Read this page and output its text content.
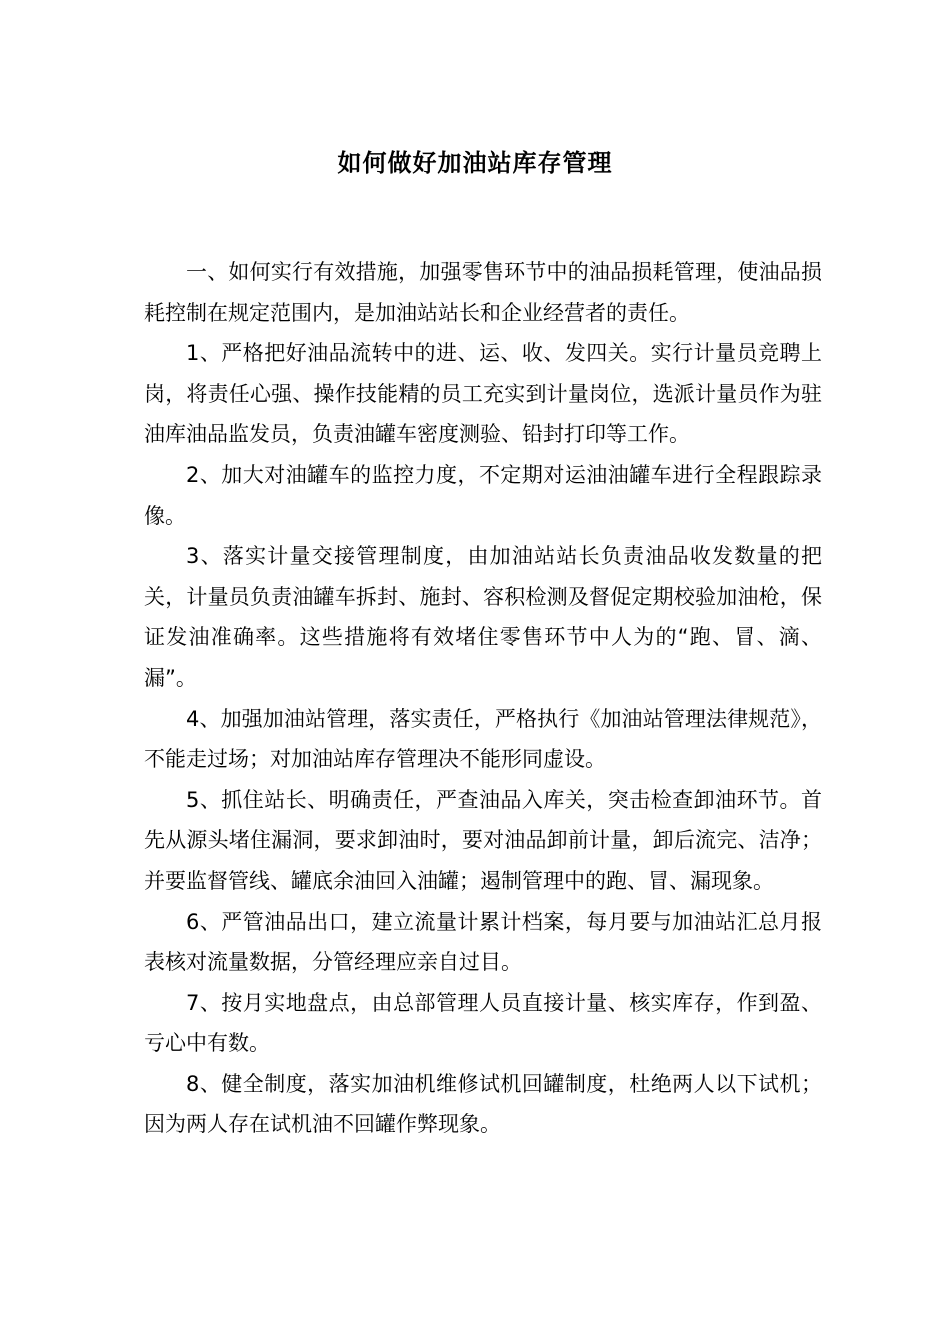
如何做好加油站库存管理

一、如何实行有效措施，加强零售环节中的油品损耗管理，使油品损耗控制在规定范围内，是加油站站长和企业经营者的责任。

1、严格把好油品流转中的进、运、收、发四关。实行计量员竞聘上岗，将责任心强、操作技能精的员工充实到计量岗位，选派计量员作为驻油库油品监发员，负责油罐车密度测验、铅封打印等工作。

2、加大对油罐车的监控力度，不定期对运油油罐车进行全程跟踪录像。

3、落实计量交接管理制度，由加油站站长负责油品收发数量的把关，计量员负责油罐车拆封、施封、容积检测及督促定期校验加油枪，保证发油准确率。这些措施将有效堵住零售环节中人为的“跑、冒、滴、漏”。

4、加强加油站管理，落实责任，严格执行《加油站管理法律规范》，不能走过场；对加油站库存管理决不能形同虚设。

5、抓住站长、明确责任，严查油品入库关，突击检查卸油环节。首先从源头堵住漏洞，要求卸油时，要对油品卸前计量，卸后流完、洁净；并要监督管线、罐底余油回入油罐；遏制管理中的跑、冒、漏现象。

6、严管油品出口，建立流量计累计档案，每月要与加油站汇总月报表核对流量数据，分管经理应亲自过目。

7、按月实地盘点，由总部管理人员直接计量、核实库存，作到盈、亏心中有数。

8、健全制度，落实加油机维修试机回罐制度，杜绝两人以下试机；因为两人存在试机油不回罐作弊现象。
